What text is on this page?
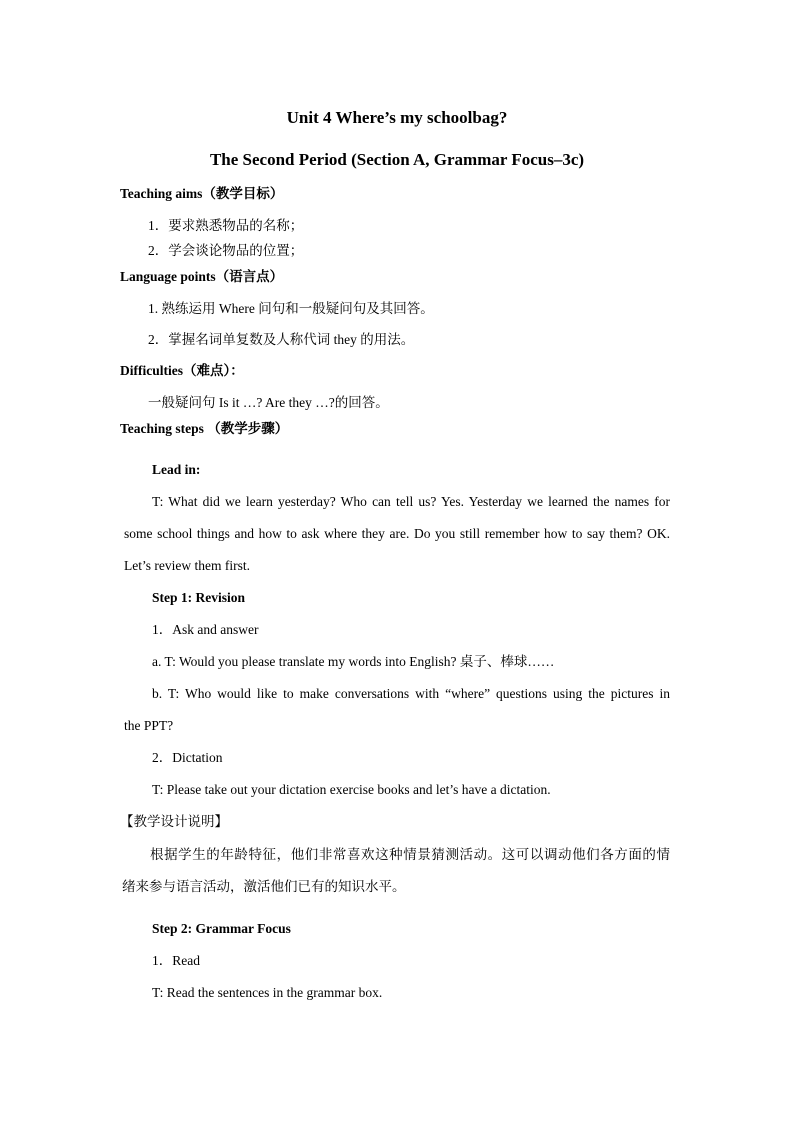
Unit 4 Where’s my schoolbag?
The Second Period (Section A, Grammar Focus–3c)
Teaching aims（教学目标）
1．要求熟悉物品的名称；
2．学会谈论物品的位置；
Language points（语言点）
1. 熟练运用 Where 问句和一般疑问句及其回答。
2．掌握名词单复数及人称代词 they 的用法。
Difficulties（难点）：
一般疑问句 Is it …? Are they …?的回答。
Teaching steps （教学步骤）
Lead in:
T: What did we learn yesterday? Who can tell us? Yes. Yesterday we learned the names for
some school things and how to ask where they are. Do you still remember how to say them? OK.
Let’s review them first.
Step 1: Revision
1．Ask and answer
a. T: Would you please translate my words into English? 桌子、棒球……
b. T: Who would like to make conversations with “where” questions using the pictures in
the PPT?
2．Dictation
T: Please take out your dictation exercise books and let’s have a dictation.
【教学设计说明】
根据学生的年龄特征，他们非常喜欢这种情景猜测活动。这可以调动他们各方面的情
绪来参与语言活动，激活他们已有的知识水平。
Step 2: Grammar Focus
1．Read
T: Read the sentences in the grammar box.
